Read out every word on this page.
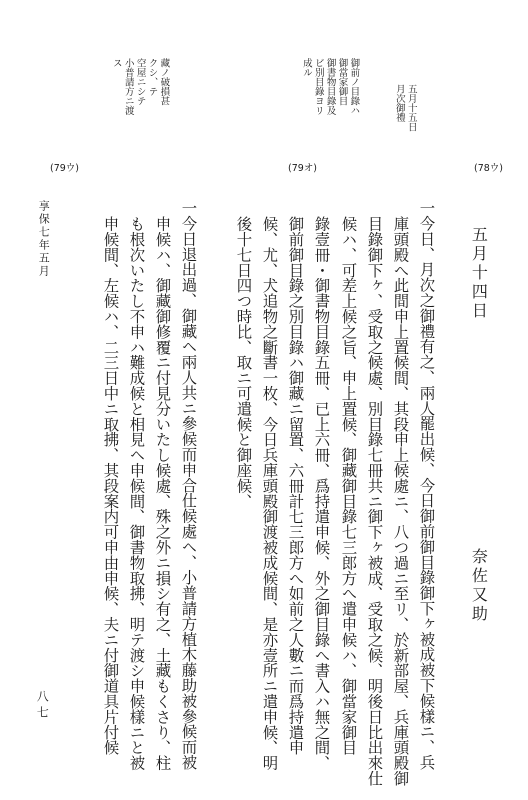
五月十五日
月次御禮
御前ノ目錄ハ
御當家御目
御書物目錄及
ビ別目錄ヨリ
成ル
藏ノ破損甚
クシ、テ
空屋ニシテ
小普請方ニ渡
ス
(79ウ)	(79オ)	(78ウ)
五月十四日
奈佐又助
一今日、月次之御禮有之、兩人罷出候、今日御前御目錄御下ヶ被成被下候樣ニ、兵
庫頭殿へ此間申上置候間、其段申上候處ニ、八つ過ニ至リ、於新部屋、兵庫頭殿御
目錄御下ヶ、受取之候處、別目錄七冊共ニ御下ヶ被成、受取之候、明後日比出來仕
候ハ、可差上候之旨、申上置候、御藏御目錄七三郎方へ遣申候ハ、御當家御目
錄壹冊・御書物目錄五冊、已上六冊、爲持遣申候、外之御目錄へ書入ハ無之間、
御前御目錄之別目錄ハ御藏ニ留置、六冊計七三郎方へ如前之人數ニ而爲持遣申
候、尤、犬追物之斷書一枚、今日兵庫頭殿御渡被成候間、是亦壹所ニ遣申候、明
後十七日四つ時比、取ニ可遣候と御座候、
一今日退出過、御藏ヘ兩人共ニ參候而申合仕候處ヘ、小普請方植木藤助被參候而被
申候ハ、御藏御修覆ニ付見分いたし候處、殊之外ニ損シ有之、土藏もくさり、柱
も根次いたし不申ハ難成候と相見ヘ申候間、御書物取拂、明テ渡シ申候樣ニと被
申候間、左候ハ、二三日中ニ取拂、其段案内可申由申候、夫ニ付御道具片付候
享保七年五月
八七
